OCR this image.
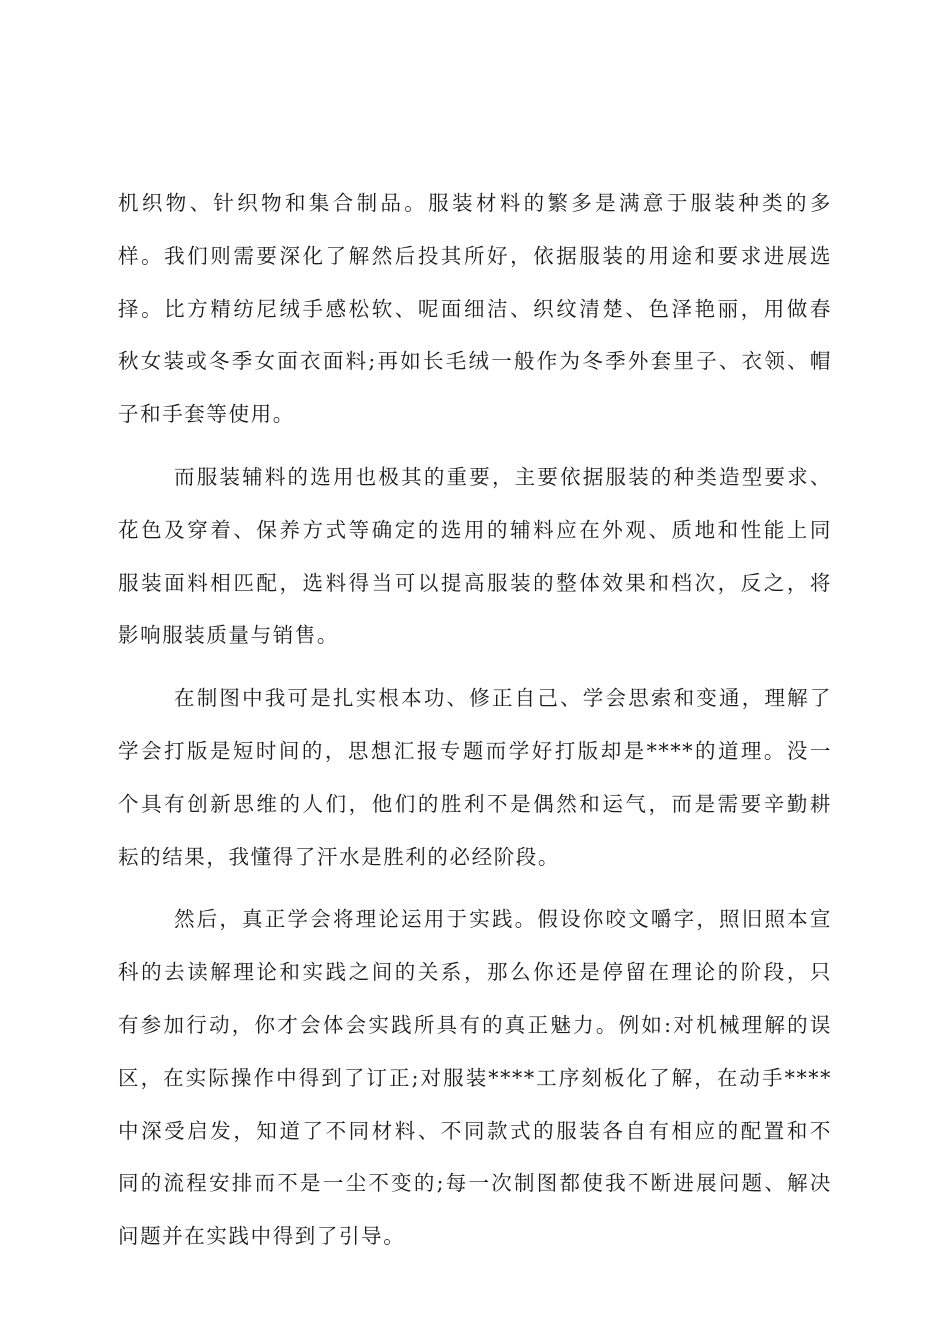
机织物、针织物和集合制品。服装材料的繁多是满意于服装种类的多
样。我们则需要深化了解然后投其所好，依据服装的用途和要求进展选
择。比方精纺尼绒手感松软、呢面细洁、织纹清楚、色泽艳丽，用做春
秋女装或冬季女面衣面料;再如长毛绒一般作为冬季外套里子、衣领、帽
子和手套等使用。

而服装辅料的选用也极其的重要，主要依据服装的种类造型要求、
花色及穿着、保养方式等确定的选用的辅料应在外观、质地和性能上同
服装面料相匹配，选料得当可以提高服装的整体效果和档次，反之，将
影响服装质量与销售。

在制图中我可是扎实根本功、修正自己、学会思索和变通，理解了
学会打版是短时间的，思想汇报专题而学好打版却是****的道理。没一
个具有创新思维的人们，他们的胜利不是偶然和运气，而是需要辛勤耕
耘的结果，我懂得了汗水是胜利的必经阶段。

然后，真正学会将理论运用于实践。假设你咬文嚼字，照旧照本宣
科的去读解理论和实践之间的关系，那么你还是停留在理论的阶段，只
有参加行动，你才会体会实践所具有的真正魅力。例如:对机械理解的误
区，在实际操作中得到了订正;对服装****工序刻板化了解，在动手****
中深受启发，知道了不同材料、不同款式的服装各自有相应的配置和不
同的流程安排而不是一尘不变的;每一次制图都使我不断进展问题、解决
问题并在实践中得到了引导。
